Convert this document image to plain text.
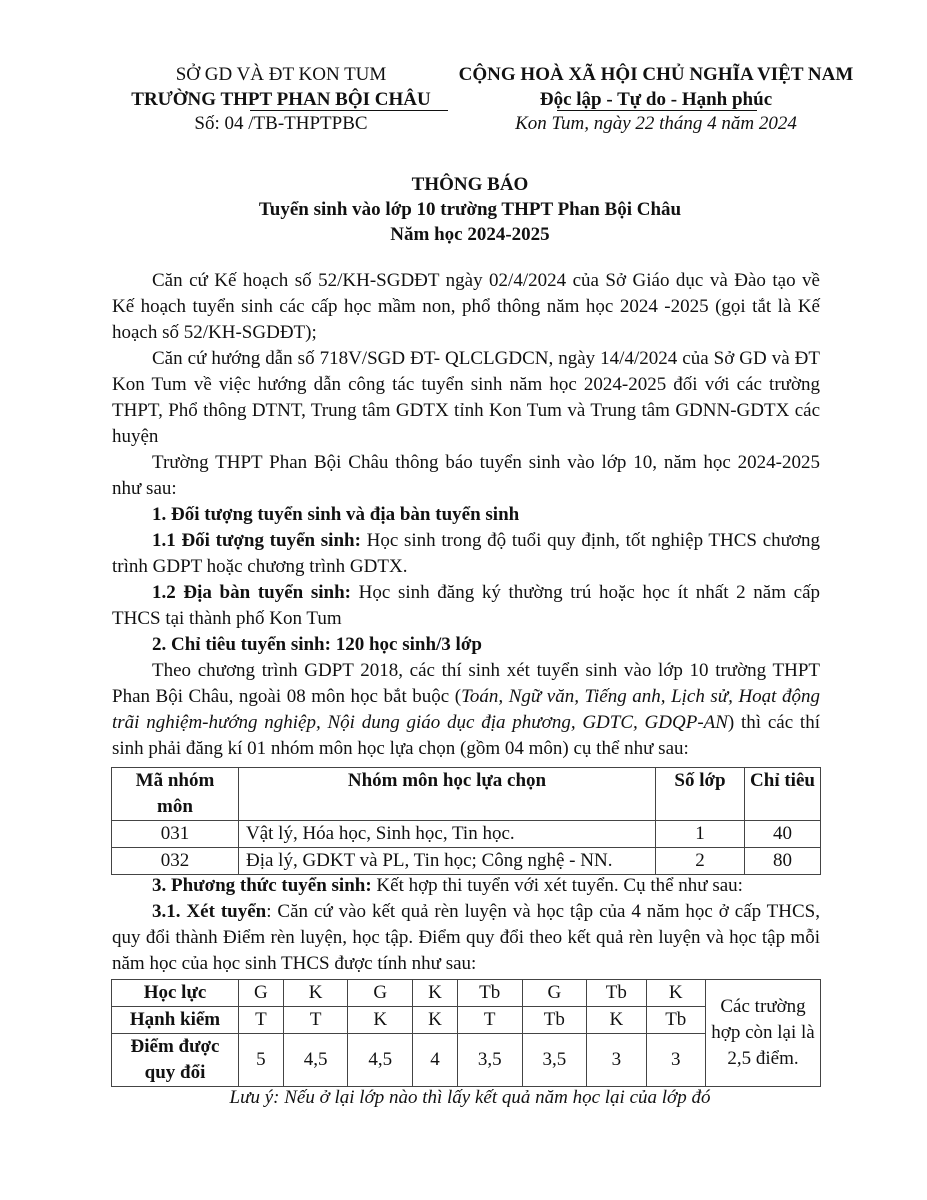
SỞ GD VÀ ĐT KON TUM
TRƯỜNG THPT PHAN BỘI CHÂU
Số: 04 /TB-THPTPBC
CỘNG HOÀ XÃ HỘI CHỦ NGHĨA VIỆT NAM
Độc lập - Tự do - Hạnh phúc
Kon Tum, ngày 22 tháng 4 năm 2024
THÔNG BÁO
Tuyển sinh vào lớp 10 trường THPT Phan Bội Châu
Năm học 2024-2025

Căn cứ Kế hoạch số 52/KH-SGDĐT ngày 02/4/2024 của Sở Giáo dục và Đào tạo về Kế hoạch tuyển sinh các cấp học mầm non, phổ thông năm học 2024 -2025 (gọi tắt là Kế hoạch số 52/KH-SGDĐT);

Căn cứ hướng dẫn số 718V/SGD ĐT- QLCLGDCN, ngày 14/4/2024 của Sở GD và ĐT Kon Tum về việc hướng dẫn công tác tuyển sinh năm học 2024-2025 đối với các trường THPT, Phổ thông DTNT, Trung tâm GDTX tỉnh Kon Tum và Trung tâm GDNN-GDTX các huyện

Trường THPT Phan Bội Châu thông báo tuyển sinh vào lớp 10, năm học 2024-2025 như sau:

1. Đối tượng tuyển sinh và địa bàn tuyển sinh

1.1 Đối tượng tuyển sinh: Học sinh trong độ tuổi quy định, tốt nghiệp THCS chương trình GDPT hoặc chương trình GDTX.

1.2 Địa bàn tuyển sinh: Học sinh đăng ký thường trú hoặc học ít nhất 2 năm cấp THCS tại thành phố Kon Tum

2. Chỉ tiêu tuyển sinh: 120 học sinh/3 lớp

Theo chương trình GDPT 2018, các thí sinh xét tuyển sinh vào lớp 10 trường THPT Phan Bội Châu, ngoài 08 môn học bắt buộc (Toán, Ngữ văn, Tiếng anh, Lịch sử, Hoạt động trãi nghiệm-hướng nghiệp, Nội dung giáo dục địa phương, GDTC, GDQP-AN) thì các thí sinh phải đăng kí 01 nhóm môn học lựa chọn (gồm 04 môn) cụ thể như sau:

Mã nhóm môn	Nhóm môn học lựa chọn	Số lớp	Chỉ tiêu
031	Vật lý, Hóa học, Sinh học, Tin học.	1	40
032	Địa lý, GDKT và PL, Tin học; Công nghệ - NN.	2	80

3. Phương thức tuyển sinh: Kết hợp thi tuyển với xét tuyển. Cụ thể như sau:

3.1. Xét tuyển: Căn cứ vào kết quả rèn luyện và học tập của 4 năm học ở cấp THCS, quy đổi thành Điểm rèn luyện, học tập. Điểm quy đổi theo kết quả rèn luyện và học tập mỗi năm học của học sinh THCS được tính như sau:

Học lực	G	K	G	K	Tb	G	Tb	K	Các trường hợp còn lại là 2,5 điểm.
Hạnh kiểm	T	T	K	K	T	Tb	K	Tb	
Điểm được quy đổi	5	4,5	4,5	4	3,5	3,5	3	3	
Lưu ý: Nếu ở lại lớp nào thì lấy kết quả năm học lại của lớp đó
